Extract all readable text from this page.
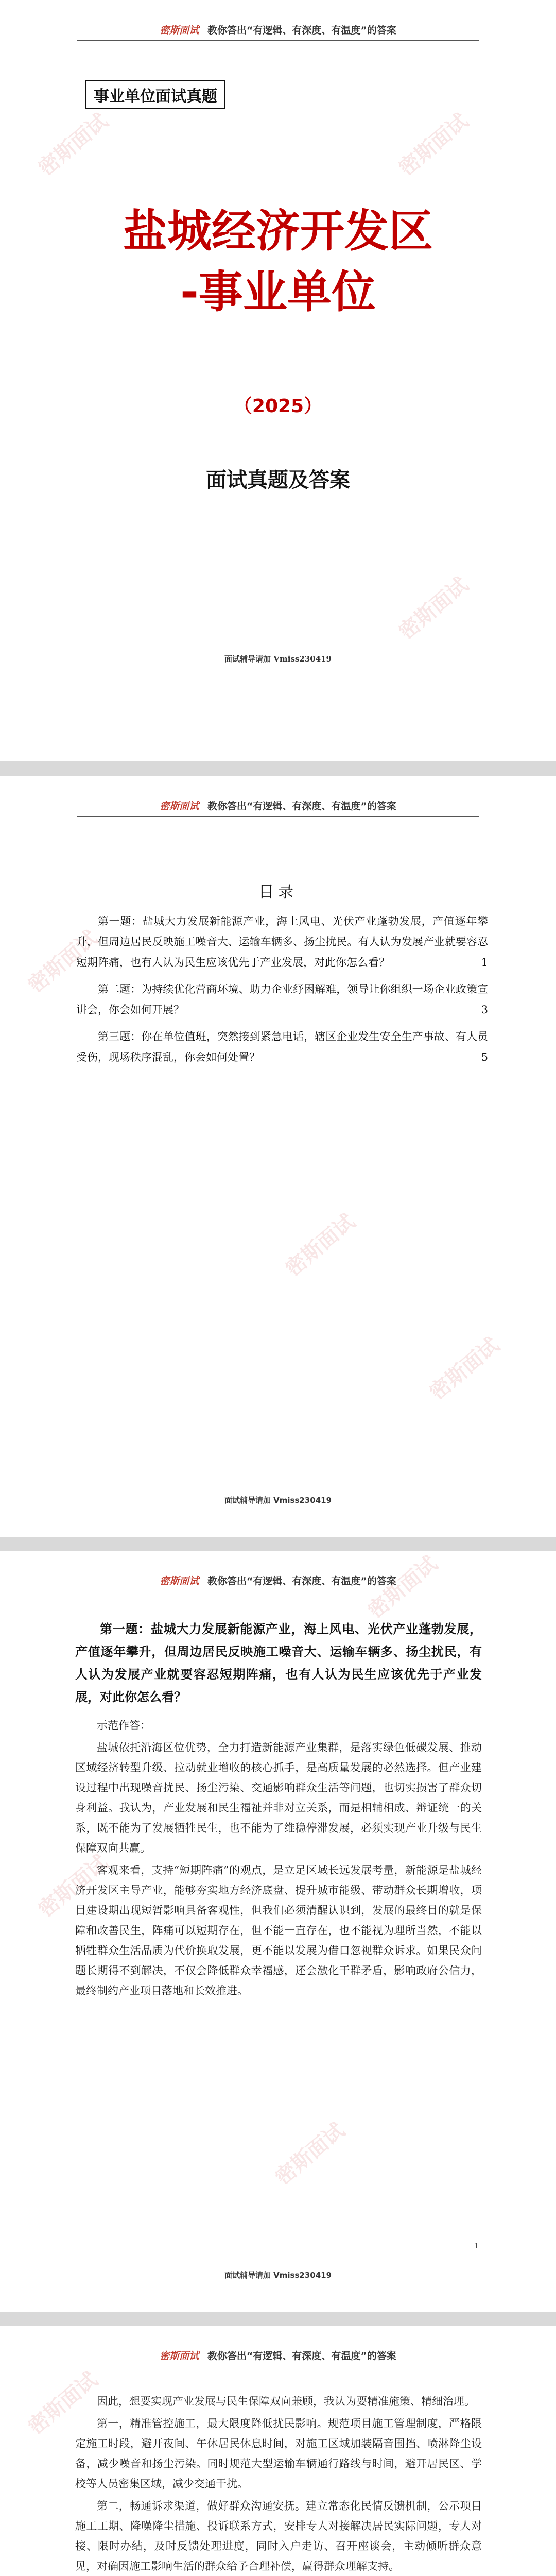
密斯面试	密斯面试
密斯面试
密斯面试 教你答出“有逻辑、有深度、有温度”的答案
事业单位面试真题
盐城经济开发区
-事业单位
（2025）
面试真题及答案
面试辅导请加 Vmiss230419
密斯面试
密斯面试
密斯面试
密斯面试 教你答出“有逻辑、有深度、有温度”的答案
目录
第一题：盐城大力发展新能源产业，海上风电、光伏产业蓬勃发展，产值逐年攀升，但周边居民反映施工噪音大、运输车辆多、扬尘扰民。有人认为发展产业就要容忍短期阵痛，也有人认为民生应该优先于产业发展，对此你怎么看？	1
第二题：为持续优化营商环境、助力企业纾困解难，领导让你组织一场企业政策宣讲会，你会如何开展？	3
第三题：你在单位值班，突然接到紧急电话，辖区企业发生安全生产事故、有人员受伤，现场秩序混乱，你会如何处置？	5
面试辅导请加 Vmiss230419
密斯面试
密斯面试
密斯面试
密斯面试 教你答出“有逻辑、有深度、有温度”的答案

第一题：盐城大力发展新能源产业，海上风电、光伏产业蓬勃发展，产值逐年攀升，但周边居民反映施工噪音大、运输车辆多、扬尘扰民，有人认为发展产业就要容忍短期阵痛，也有人认为民生应该优先于产业发展，对此你怎么看？

示范作答：

盐城依托沿海区位优势，全力打造新能源产业集群，是落实绿色低碳发展、推动区域经济转型升级、拉动就业增收的核心抓手，是高质量发展的必然选择。但产业建设过程中出现噪音扰民、扬尘污染、交通影响群众生活等问题，也切实损害了群众切身利益。我认为，产业发展和民生福祉并非对立关系，而是相辅相成、辩证统一的关系，既不能为了发展牺牲民生，也不能为了维稳停滞发展，必须实现产业升级与民生保障双向共赢。

客观来看，支持“短期阵痛”的观点，是立足区域长远发展考量，新能源是盐城经济开发区主导产业，能够夯实地方经济底盘、提升城市能级、带动群众长期增收，项目建设期出现短暂影响具备客观性，但我们必须清醒认识到，发展的最终目的就是保障和改善民生，阵痛可以短期存在，但不能一直存在，也不能视为理所当然，不能以牺牲群众生活品质为代价换取发展，更不能以发展为借口忽视群众诉求。如果民众问题长期得不到解决，不仅会降低群众幸福感，还会激化干群矛盾，影响政府公信力，最终制约产业项目落地和长效推进。

1
面试辅导请加 Vmiss230419
密斯面试
密斯面试 教你答出“有逻辑、有深度、有温度”的答案

因此，想要实现产业发展与民生保障双向兼顾，我认为要精准施策、精细治理。

第一，精准管控施工，最大限度降低扰民影响。规范项目施工管理制度，严格限定施工时段，避开夜间、午休居民休息时间，对施工区域加装隔音围挡、喷淋降尘设备，减少噪音和扬尘污染。同时规范大型运输车辆通行路线与时间，避开居民区、学校等人员密集区域，减少交通干扰。

第二，畅通诉求渠道，做好群众沟通安抚。建立常态化民情反馈机制，公示项目施工工期、降噪降尘措施、投诉联系方式，安排专人对接解决居民实际问题，专人对接、限时办结，及时反馈处理进度，同时入户走访、召开座谈会，主动倾听群众意见，对确因施工影响生活的群众给予合理补偿，赢得群众理解支持。
